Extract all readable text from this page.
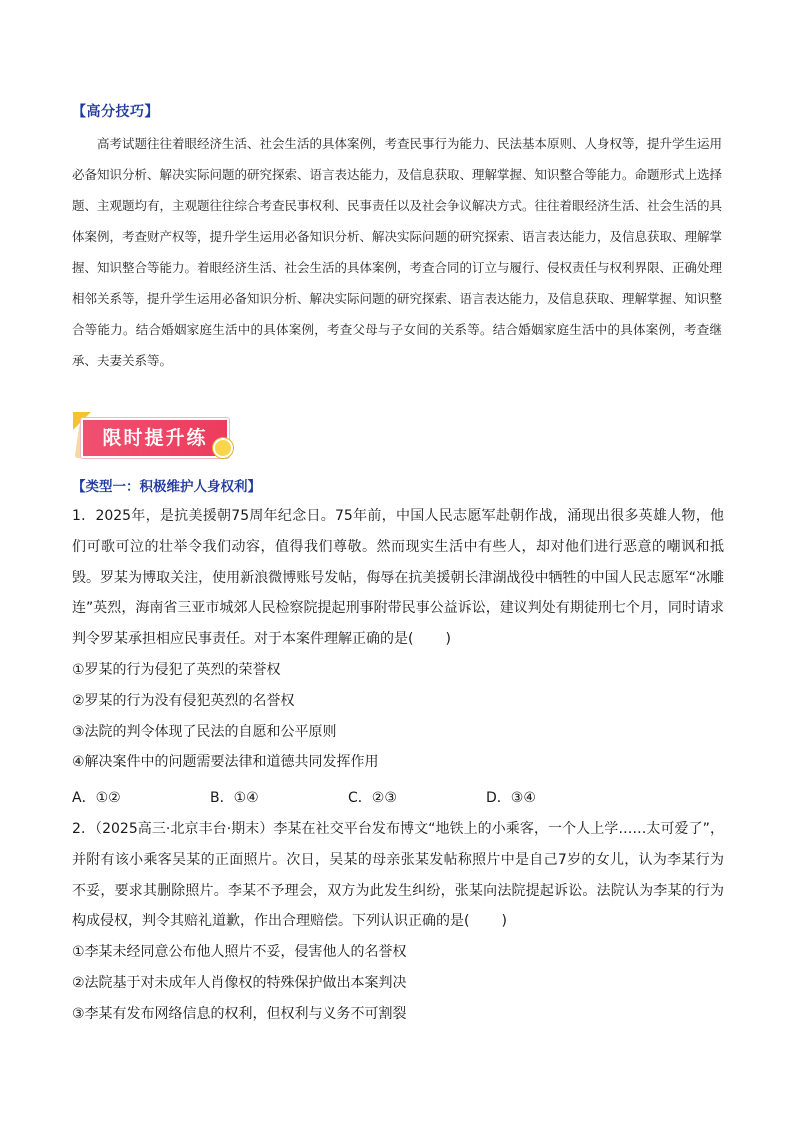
【高分技巧】
高考试题往往着眼经济生活、社会生活的具体案例，考查民事行为能力、民法基本原则、人身权等，提升学生运用必备知识分析、解决实际问题的研究探索、语言表达能力，及信息获取、理解掌握、知识整合等能力。命题形式上选择题、主观题均有，主观题往往综合考查民事权利、民事责任以及社会争议解决方式。往往着眼经济生活、社会生活的具体案例，考查财产权等，提升学生运用必备知识分析、解决实际问题的研究探索、语言表达能力，及信息获取、理解掌握、知识整合等能力。着眼经济生活、社会生活的具体案例，考查合同的订立与履行、侵权责任与权利界限、正确处理相邻关系等，提升学生运用必备知识分析、解决实际问题的研究探索、语言表达能力，及信息获取、理解掌握、知识整合等能力。结合婚姻家庭生活中的具体案例，考查父母与子女间的关系等。结合婚姻家庭生活中的具体案例，考查继承、夫妻关系等。
限时提升练
【类型一：积极维护人身权利】

1．2025年，是抗美援朝75周年纪念日。75年前，中国人民志愿军赴朝作战，涌现出很多英雄人物，他们可歌可泣的壮举令我们动容，值得我们尊敬。然而现实生活中有些人，却对他们进行恶意的嘲讽和抵毁。罗某为博取关注，使用新浪微博账号发帖，侮辱在抗美援朝长津湖战役中牺牲的中国人民志愿军“冰雕连”英烈，海南省三亚市城郊人民检察院提起刑事附带民事公益诉讼，建议判处有期徒刑七个月，同时请求判令罗某承担相应民事责任。对于本案件理解正确的是( )

①罗某的行为侵犯了英烈的荣誉权

②罗某的行为没有侵犯英烈的名誉权

③法院的判令体现了民法的自愿和公平原则

④解决案件中的问题需要法律和道德共同发挥作用

A．①②	B．①④	C．②③	D．③④

2．（2025高三·北京丰台·期末）李某在社交平台发布博文“地铁上的小乘客，一个人上学……太可爱了”，并附有该小乘客吴某的正面照片。次日，吴某的母亲张某发帖称照片中是自己7岁的女儿，认为李某行为不妥，要求其删除照片。李某不予理会，双方为此发生纠纷，张某向法院提起诉讼。法院认为李某的行为构成侵权，判令其赔礼道歉，作出合理赔偿。下列认识正确的是( )

①李某未经同意公布他人照片不妥，侵害他人的名誉权

②法院基于对未成年人肖像权的特殊保护做出本案判决

③李某有发布网络信息的权利，但权利与义务不可割裂
